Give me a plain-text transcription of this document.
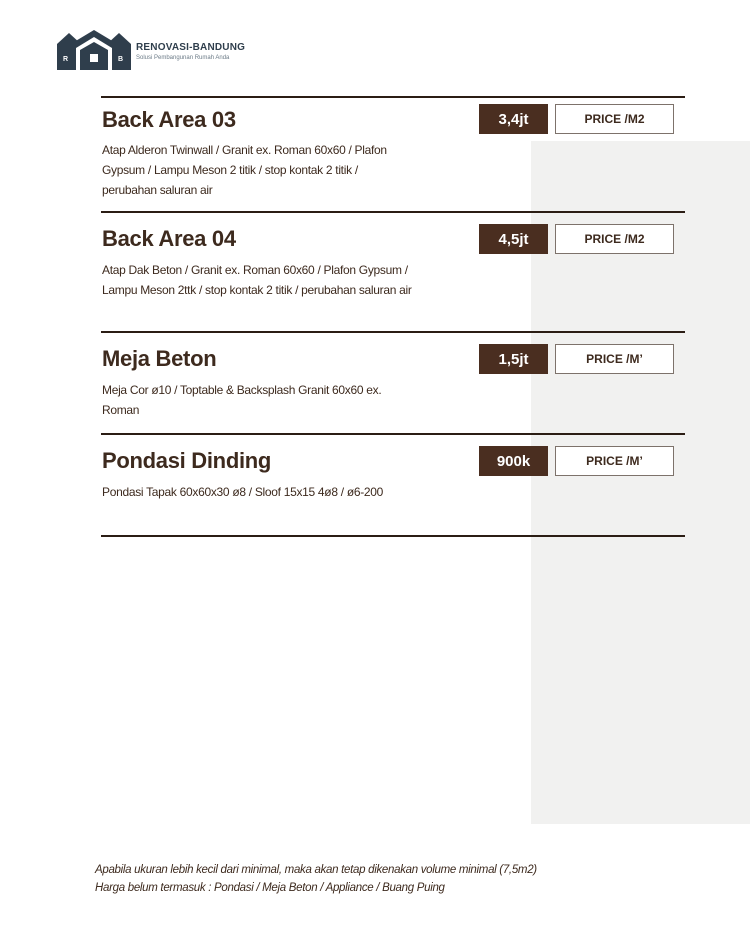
R	B
RENOVASI-BANDUNG
Solusi Pembangunan Rumah Anda
Back Area 03
Atap Alderon Twinwall / Granit ex. Roman 60x60 / Plafon Gypsum / Lampu Meson 2 titik / stop kontak 2 titik / perubahan saluran air
3,4jt	PRICE /M2
Back Area 04
Atap Dak Beton / Granit ex. Roman 60x60 / Plafon Gypsum / Lampu Meson 2ttk / stop kontak 2 titik / perubahan saluran air
4,5jt	PRICE /M2
Meja Beton
Meja Cor ø10 / Toptable & Backsplash Granit 60x60 ex. Roman
1,5jt	PRICE /M’
Pondasi Dinding
Pondasi Tapak 60x60x30 ø8 / Sloof 15x15 4ø8 / ø6-200
900k	PRICE /M’
Apabila ukuran lebih kecil dari minimal, maka akan tetap dikenakan volume minimal (7,5m2)
Harga belum termasuk : Pondasi / Meja Beton / Appliance / Buang Puing
